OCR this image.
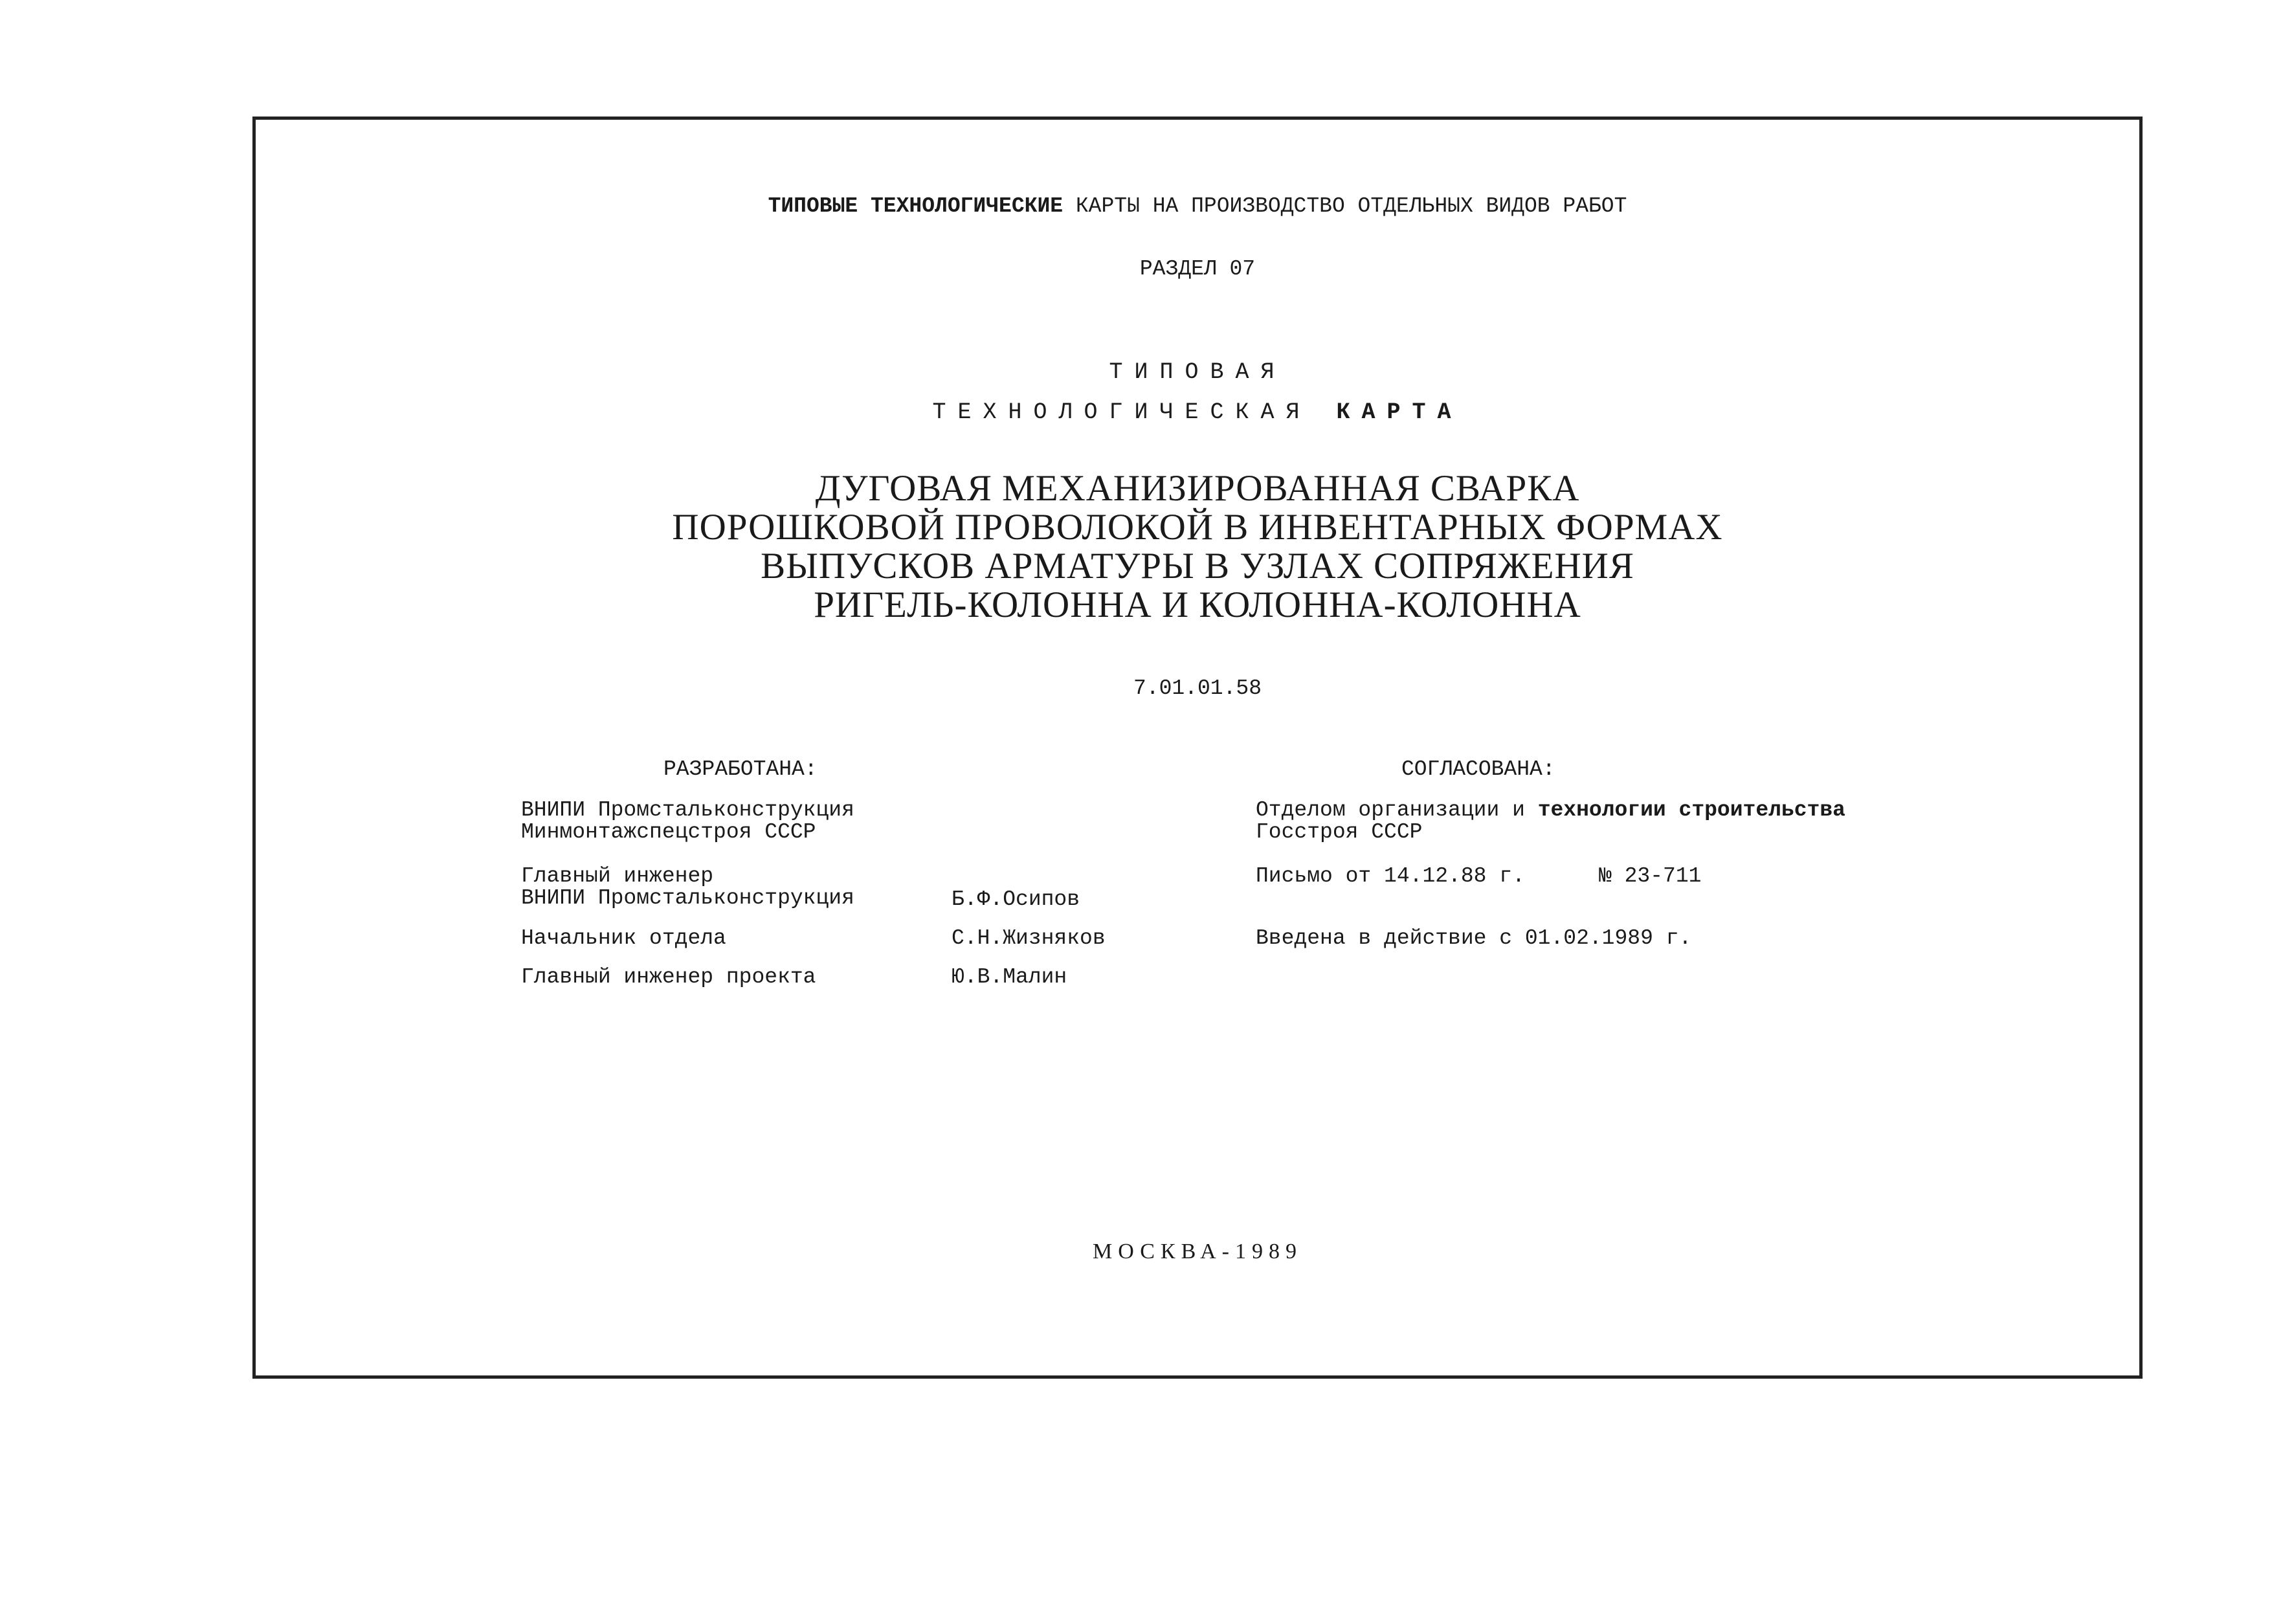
ТИПОВЫЕ ТЕХНОЛОГИЧЕСКИЕ КАРТЫ НА ПРОИЗВОДСТВО ОТДЕЛЬНЫХ ВИДОВ РАБОТ
РАЗДЕЛ 07
ТИПОВАЯ
ТЕХНОЛОГИЧЕСКАЯ КАРТА
ДУГОВАЯ МЕХАНИЗИРОВАННАЯ СВАРКА
ПОРОШКОВОЙ ПРОВОЛОКОЙ В ИНВЕНТАРНЫХ ФОРМАХ
ВЫПУСКОВ АРМАТУРЫ В УЗЛАХ СОПРЯЖЕНИЯ
РИГЕЛЬ-КОЛОННА И КОЛОННА-КОЛОННА
7.01.01.58
РАЗРАБОТАНА:
ВНИПИ Промстальконструкция
Минмонтажспецстроя СССР
Главный инженер
ВНИПИ Промстальконструкция	Б.Ф.Осипов
Начальник отдела	С.Н.Жизняков
Главный инженер проекта	Ю.В.Малин
СОГЛАСОВАНА:
Отделом организации и технологии строительства
Госстроя СССР
Письмо от 14.12.88 г.	№ 23-711
Введена в действие с 01.02.1989 г.
МОСКВА-1989
